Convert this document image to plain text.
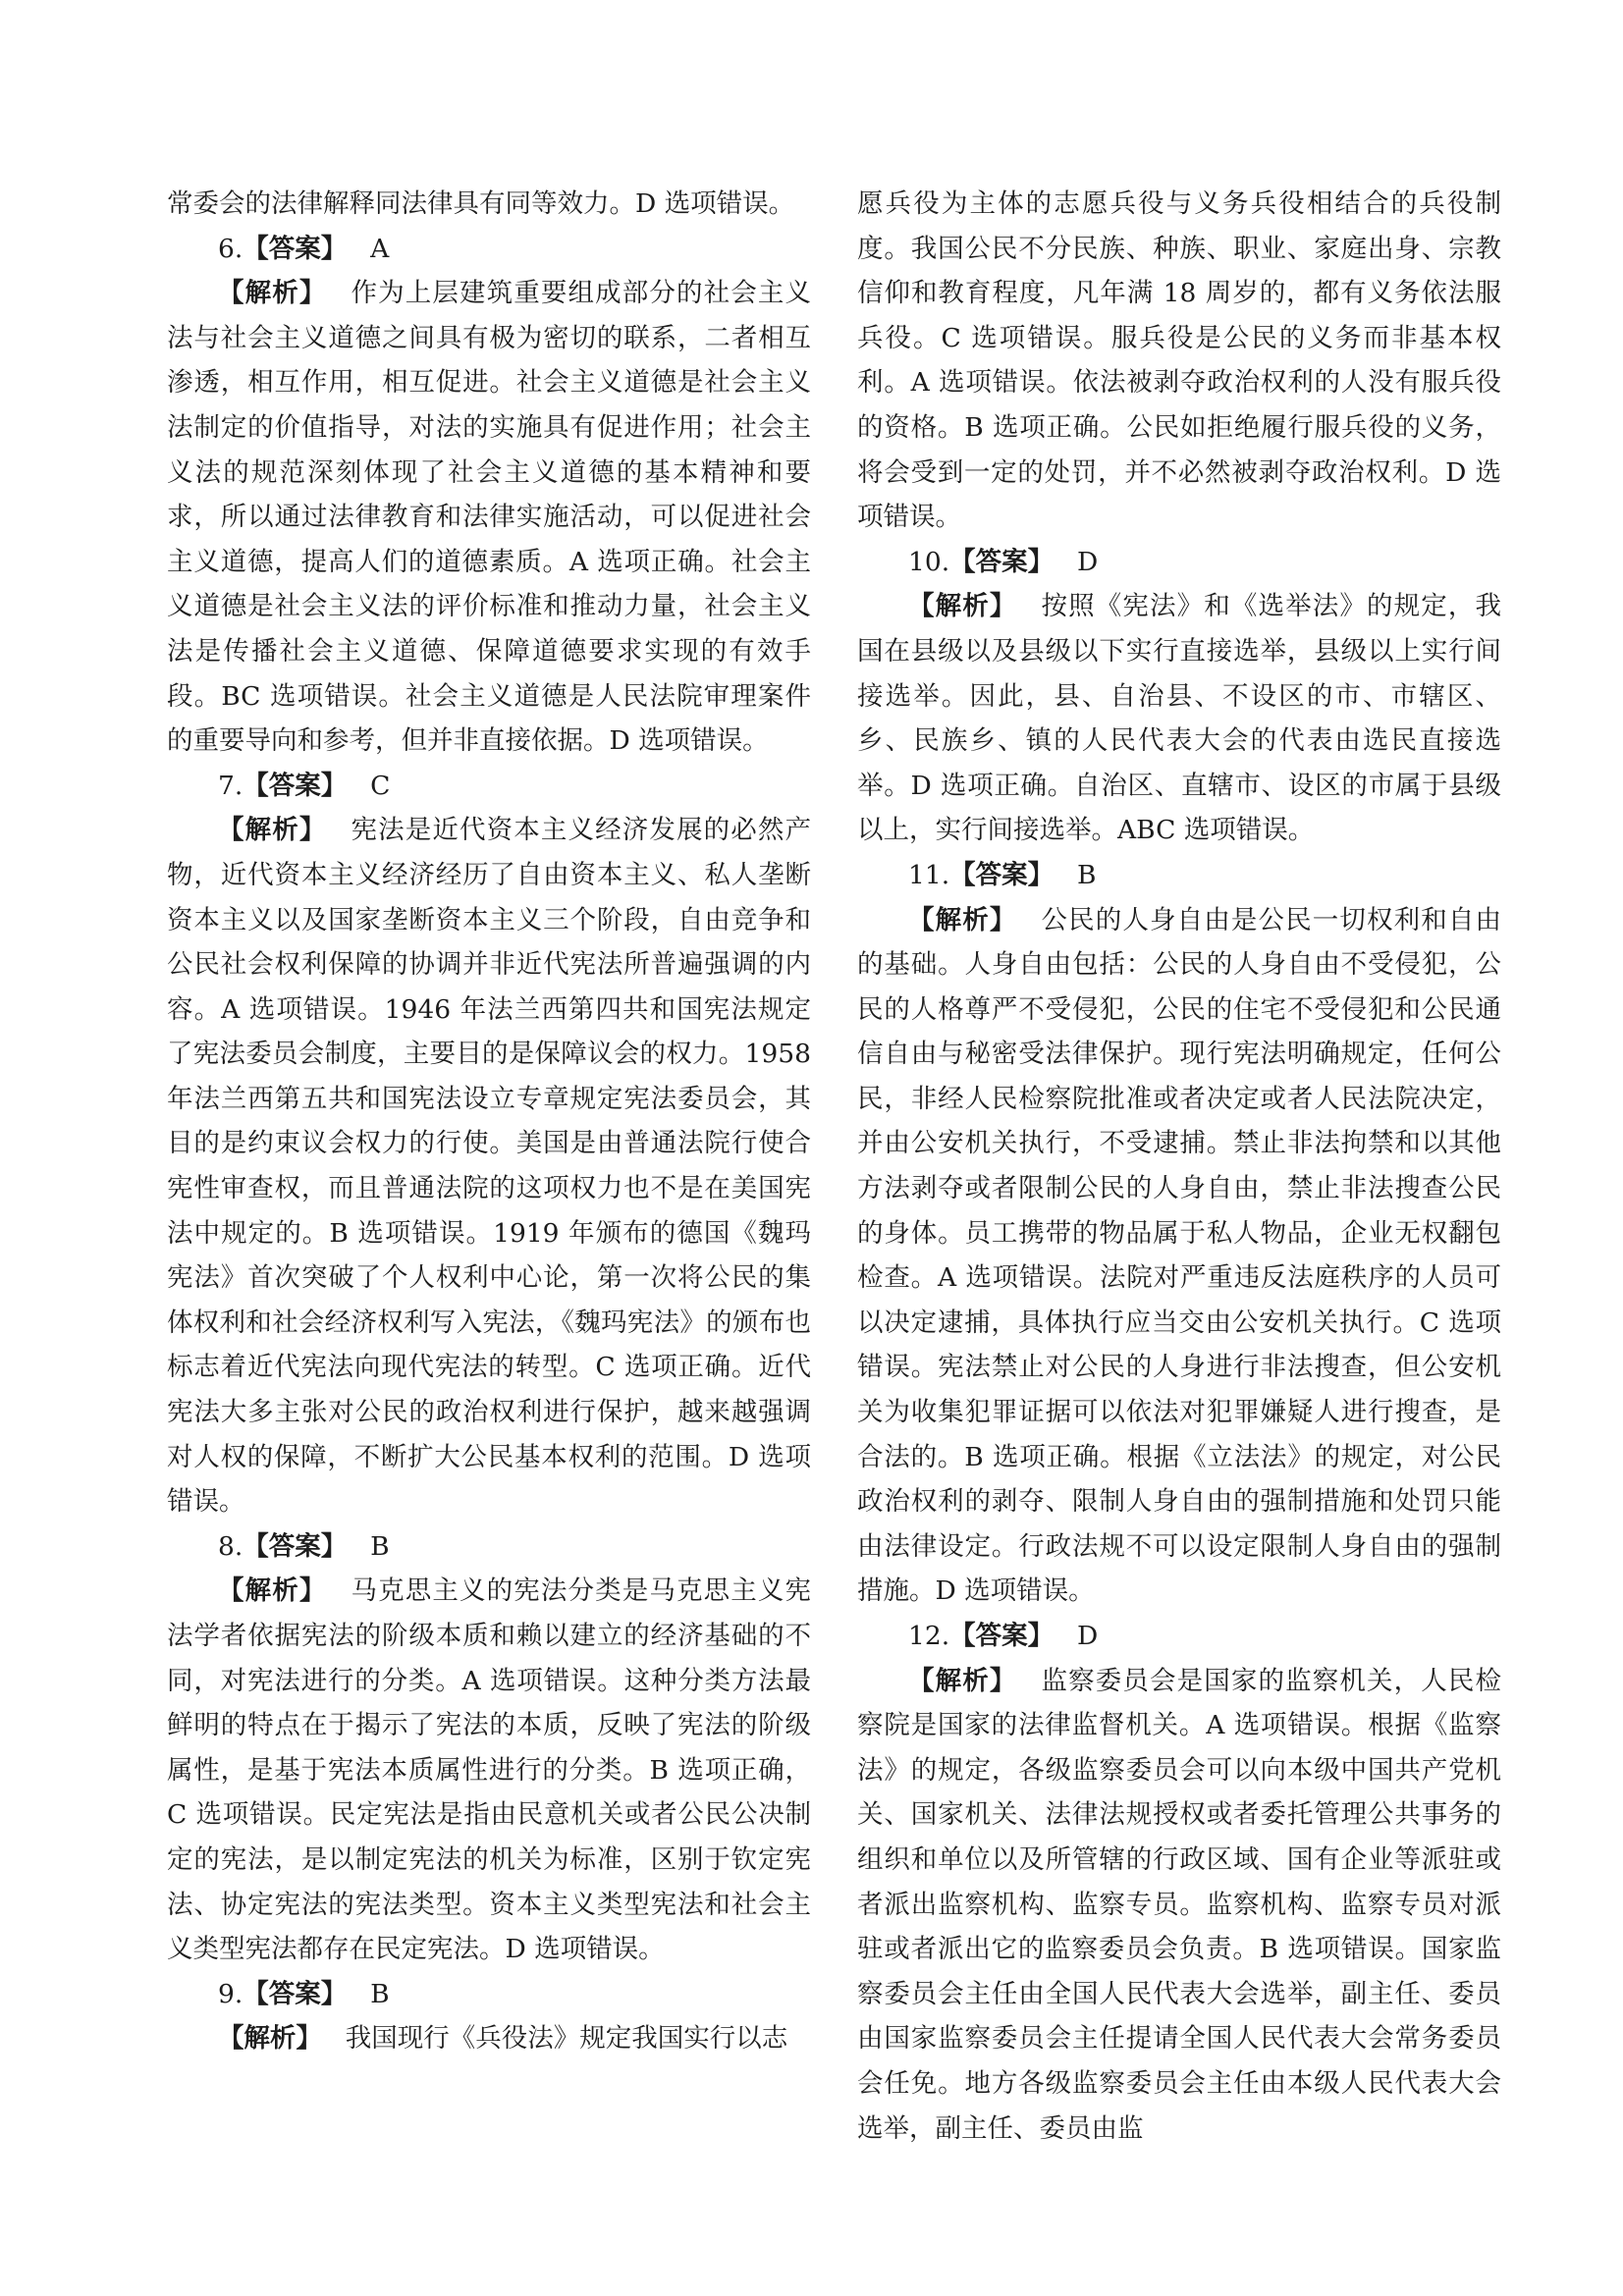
常委会的法律解释同法律具有同等效力。D 选项错误。

6.【答案】 A

【解析】 作为上层建筑重要组成部分的社会主义法与社会主义道德之间具有极为密切的联系，二者相互渗透，相互作用，相互促进。社会主义道德是社会主义法制定的价值指导，对法的实施具有促进作用；社会主义法的规范深刻体现了社会主义道德的基本精神和要求，所以通过法律教育和法律实施活动，可以促进社会主义道德，提高人们的道德素质。A 选项正确。社会主义道德是社会主义法的评价标准和推动力量，社会主义法是传播社会主义道德、保障道德要求实现的有效手段。BC 选项错误。社会主义道德是人民法院审理案件的重要导向和参考，但并非直接依据。D 选项错误。

7.【答案】 C

【解析】 宪法是近代资本主义经济发展的必然产物，近代资本主义经济经历了自由资本主义、私人垄断资本主义以及国家垄断资本主义三个阶段，自由竞争和公民社会权利保障的协调并非近代宪法所普遍强调的内容。A 选项错误。1946 年法兰西第四共和国宪法规定了宪法委员会制度，主要目的是保障议会的权力。1958 年法兰西第五共和国宪法设立专章规定宪法委员会，其目的是约束议会权力的行使。美国是由普通法院行使合宪性审查权，而且普通法院的这项权力也不是在美国宪法中规定的。B 选项错误。1919 年颁布的德国《魏玛宪法》首次突破了个人权利中心论，第一次将公民的集体权利和社会经济权利写入宪法，《魏玛宪法》的颁布也标志着近代宪法向现代宪法的转型。C 选项正确。近代宪法大多主张对公民的政治权利进行保护，越来越强调对人权的保障，不断扩大公民基本权利的范围。D 选项错误。

8.【答案】 B

【解析】 马克思主义的宪法分类是马克思主义宪法学者依据宪法的阶级本质和赖以建立的经济基础的不同，对宪法进行的分类。A 选项错误。这种分类方法最鲜明的特点在于揭示了宪法的本质，反映了宪法的阶级属性，是基于宪法本质属性进行的分类。B 选项正确，C 选项错误。民定宪法是指由民意机关或者公民公决制定的宪法，是以制定宪法的机关为标准，区别于钦定宪法、协定宪法的宪法类型。资本主义类型宪法和社会主义类型宪法都存在民定宪法。D 选项错误。

9.【答案】 B

【解析】 我国现行《兵役法》规定我国实行以志

愿兵役为主体的志愿兵役与义务兵役相结合的兵役制度。我国公民不分民族、种族、职业、家庭出身、宗教信仰和教育程度，凡年满 18 周岁的，都有义务依法服兵役。C 选项错误。服兵役是公民的义务而非基本权利。A 选项错误。依法被剥夺政治权利的人没有服兵役的资格。B 选项正确。公民如拒绝履行服兵役的义务，将会受到一定的处罚，并不必然被剥夺政治权利。D 选项错误。

10.【答案】 D

【解析】 按照《宪法》和《选举法》的规定，我国在县级以及县级以下实行直接选举，县级以上实行间接选举。因此，县、自治县、不设区的市、市辖区、乡、民族乡、镇的人民代表大会的代表由选民直接选举。D 选项正确。自治区、直辖市、设区的市属于县级以上，实行间接选举。ABC 选项错误。

11.【答案】 B

【解析】 公民的人身自由是公民一切权利和自由的基础。人身自由包括：公民的人身自由不受侵犯，公民的人格尊严不受侵犯，公民的住宅不受侵犯和公民通信自由与秘密受法律保护。现行宪法明确规定，任何公民，非经人民检察院批准或者决定或者人民法院决定，并由公安机关执行，不受逮捕。禁止非法拘禁和以其他方法剥夺或者限制公民的人身自由，禁止非法搜查公民的身体。员工携带的物品属于私人物品，企业无权翻包检查。A 选项错误。法院对严重违反法庭秩序的人员可以决定逮捕，具体执行应当交由公安机关执行。C 选项错误。宪法禁止对公民的人身进行非法搜查，但公安机关为收集犯罪证据可以依法对犯罪嫌疑人进行搜查，是合法的。B 选项正确。根据《立法法》的规定，对公民政治权利的剥夺、限制人身自由的强制措施和处罚只能由法律设定。行政法规不可以设定限制人身自由的强制措施。D 选项错误。

12.【答案】 D

【解析】 监察委员会是国家的监察机关，人民检察院是国家的法律监督机关。A 选项错误。根据《监察法》的规定，各级监察委员会可以向本级中国共产党机关、国家机关、法律法规授权或者委托管理公共事务的组织和单位以及所管辖的行政区域、国有企业等派驻或者派出监察机构、监察专员。监察机构、监察专员对派驻或者派出它的监察委员会负责。B 选项错误。国家监察委员会主任由全国人民代表大会选举，副主任、委员由国家监察委员会主任提请全国人民代表大会常务委员会任免。地方各级监察委员会主任由本级人民代表大会选举，副主任、委员由监
